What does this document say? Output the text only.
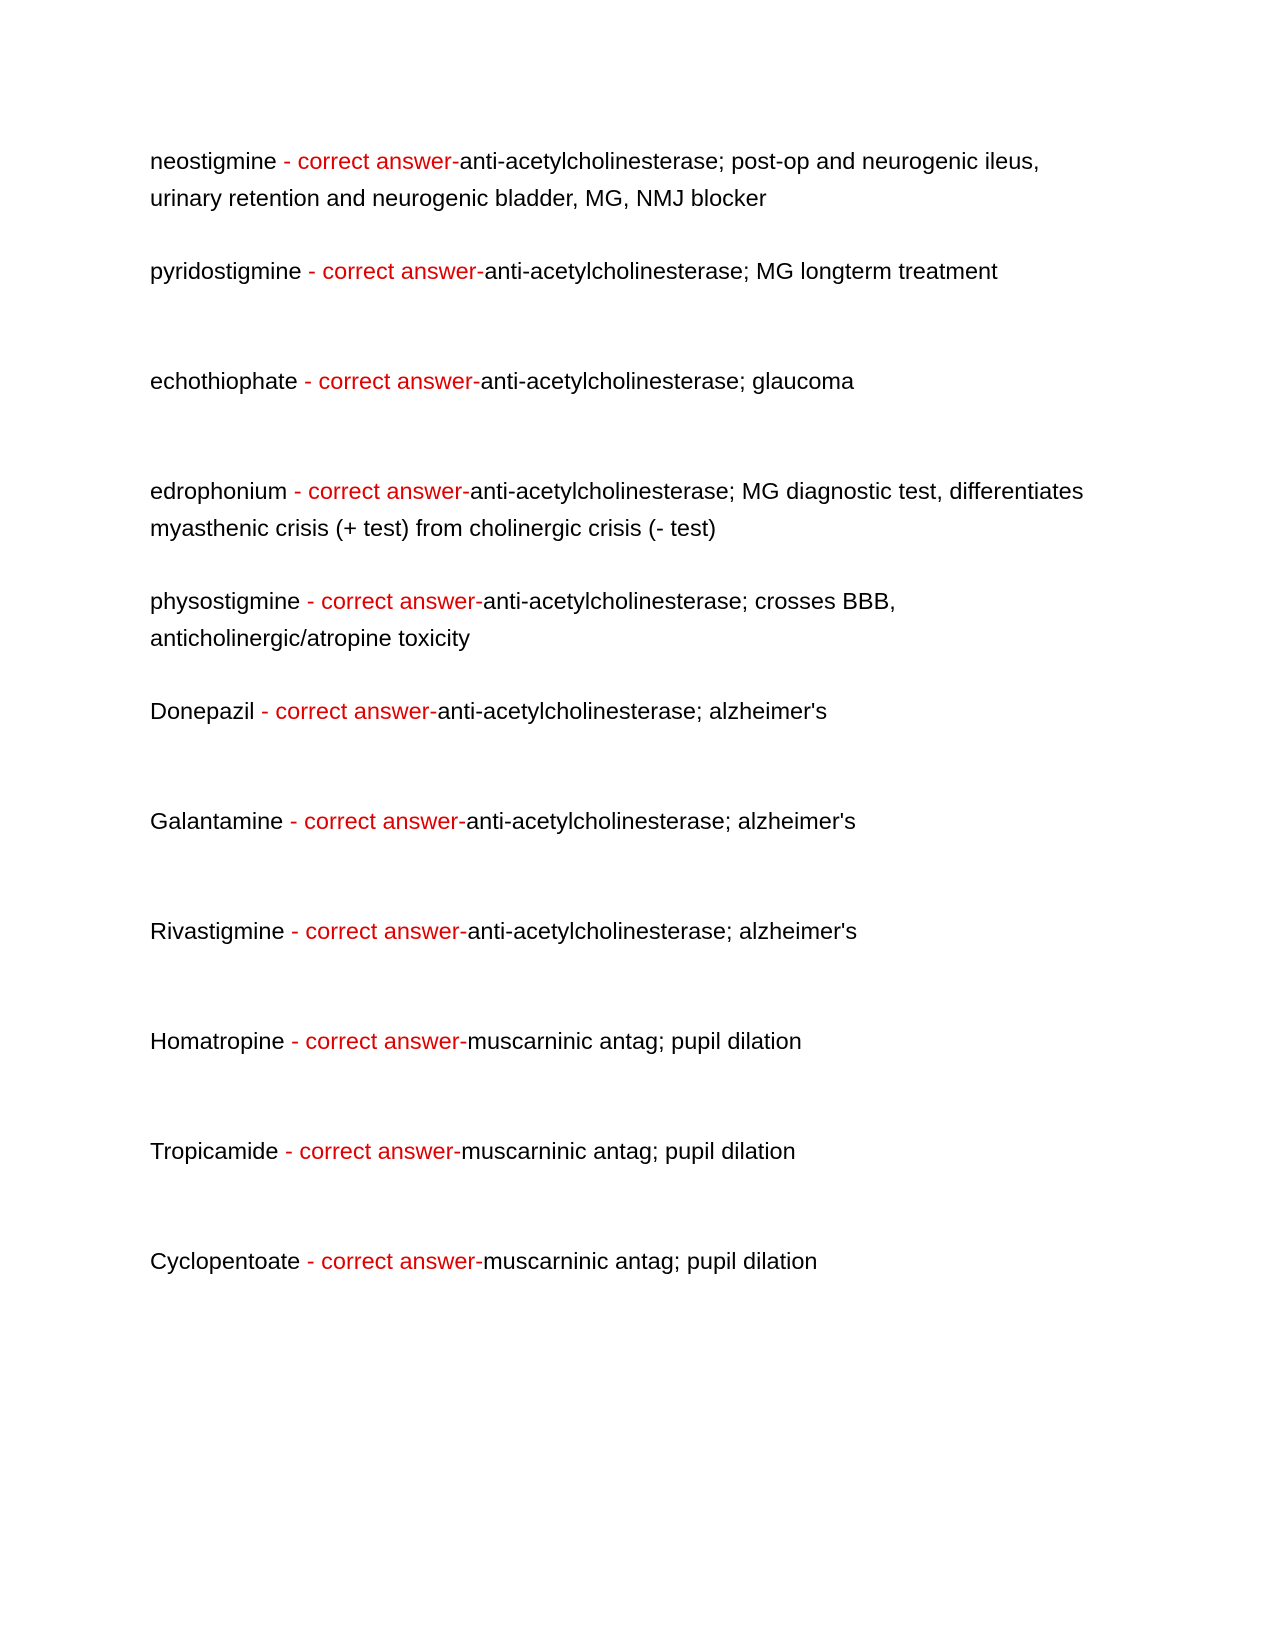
neostigmine - correct answer-anti-acetylcholinesterase; post-op and neurogenic ileus, urinary retention and neurogenic bladder, MG, NMJ blocker

pyridostigmine - correct answer-anti-acetylcholinesterase; MG longterm treatment

echothiophate - correct answer-anti-acetylcholinesterase; glaucoma

edrophonium - correct answer-anti-acetylcholinesterase; MG diagnostic test, differentiates myasthenic crisis (+ test) from cholinergic crisis (- test)

physostigmine - correct answer-anti-acetylcholinesterase; crosses BBB, anticholinergic/atropine toxicity

Donepazil - correct answer-anti-acetylcholinesterase; alzheimer's

Galantamine - correct answer-anti-acetylcholinesterase; alzheimer's

Rivastigmine - correct answer-anti-acetylcholinesterase; alzheimer's

Homatropine - correct answer-muscarninic antag; pupil dilation

Tropicamide - correct answer-muscarninic antag; pupil dilation

Cyclopentoate - correct answer-muscarninic antag; pupil dilation
